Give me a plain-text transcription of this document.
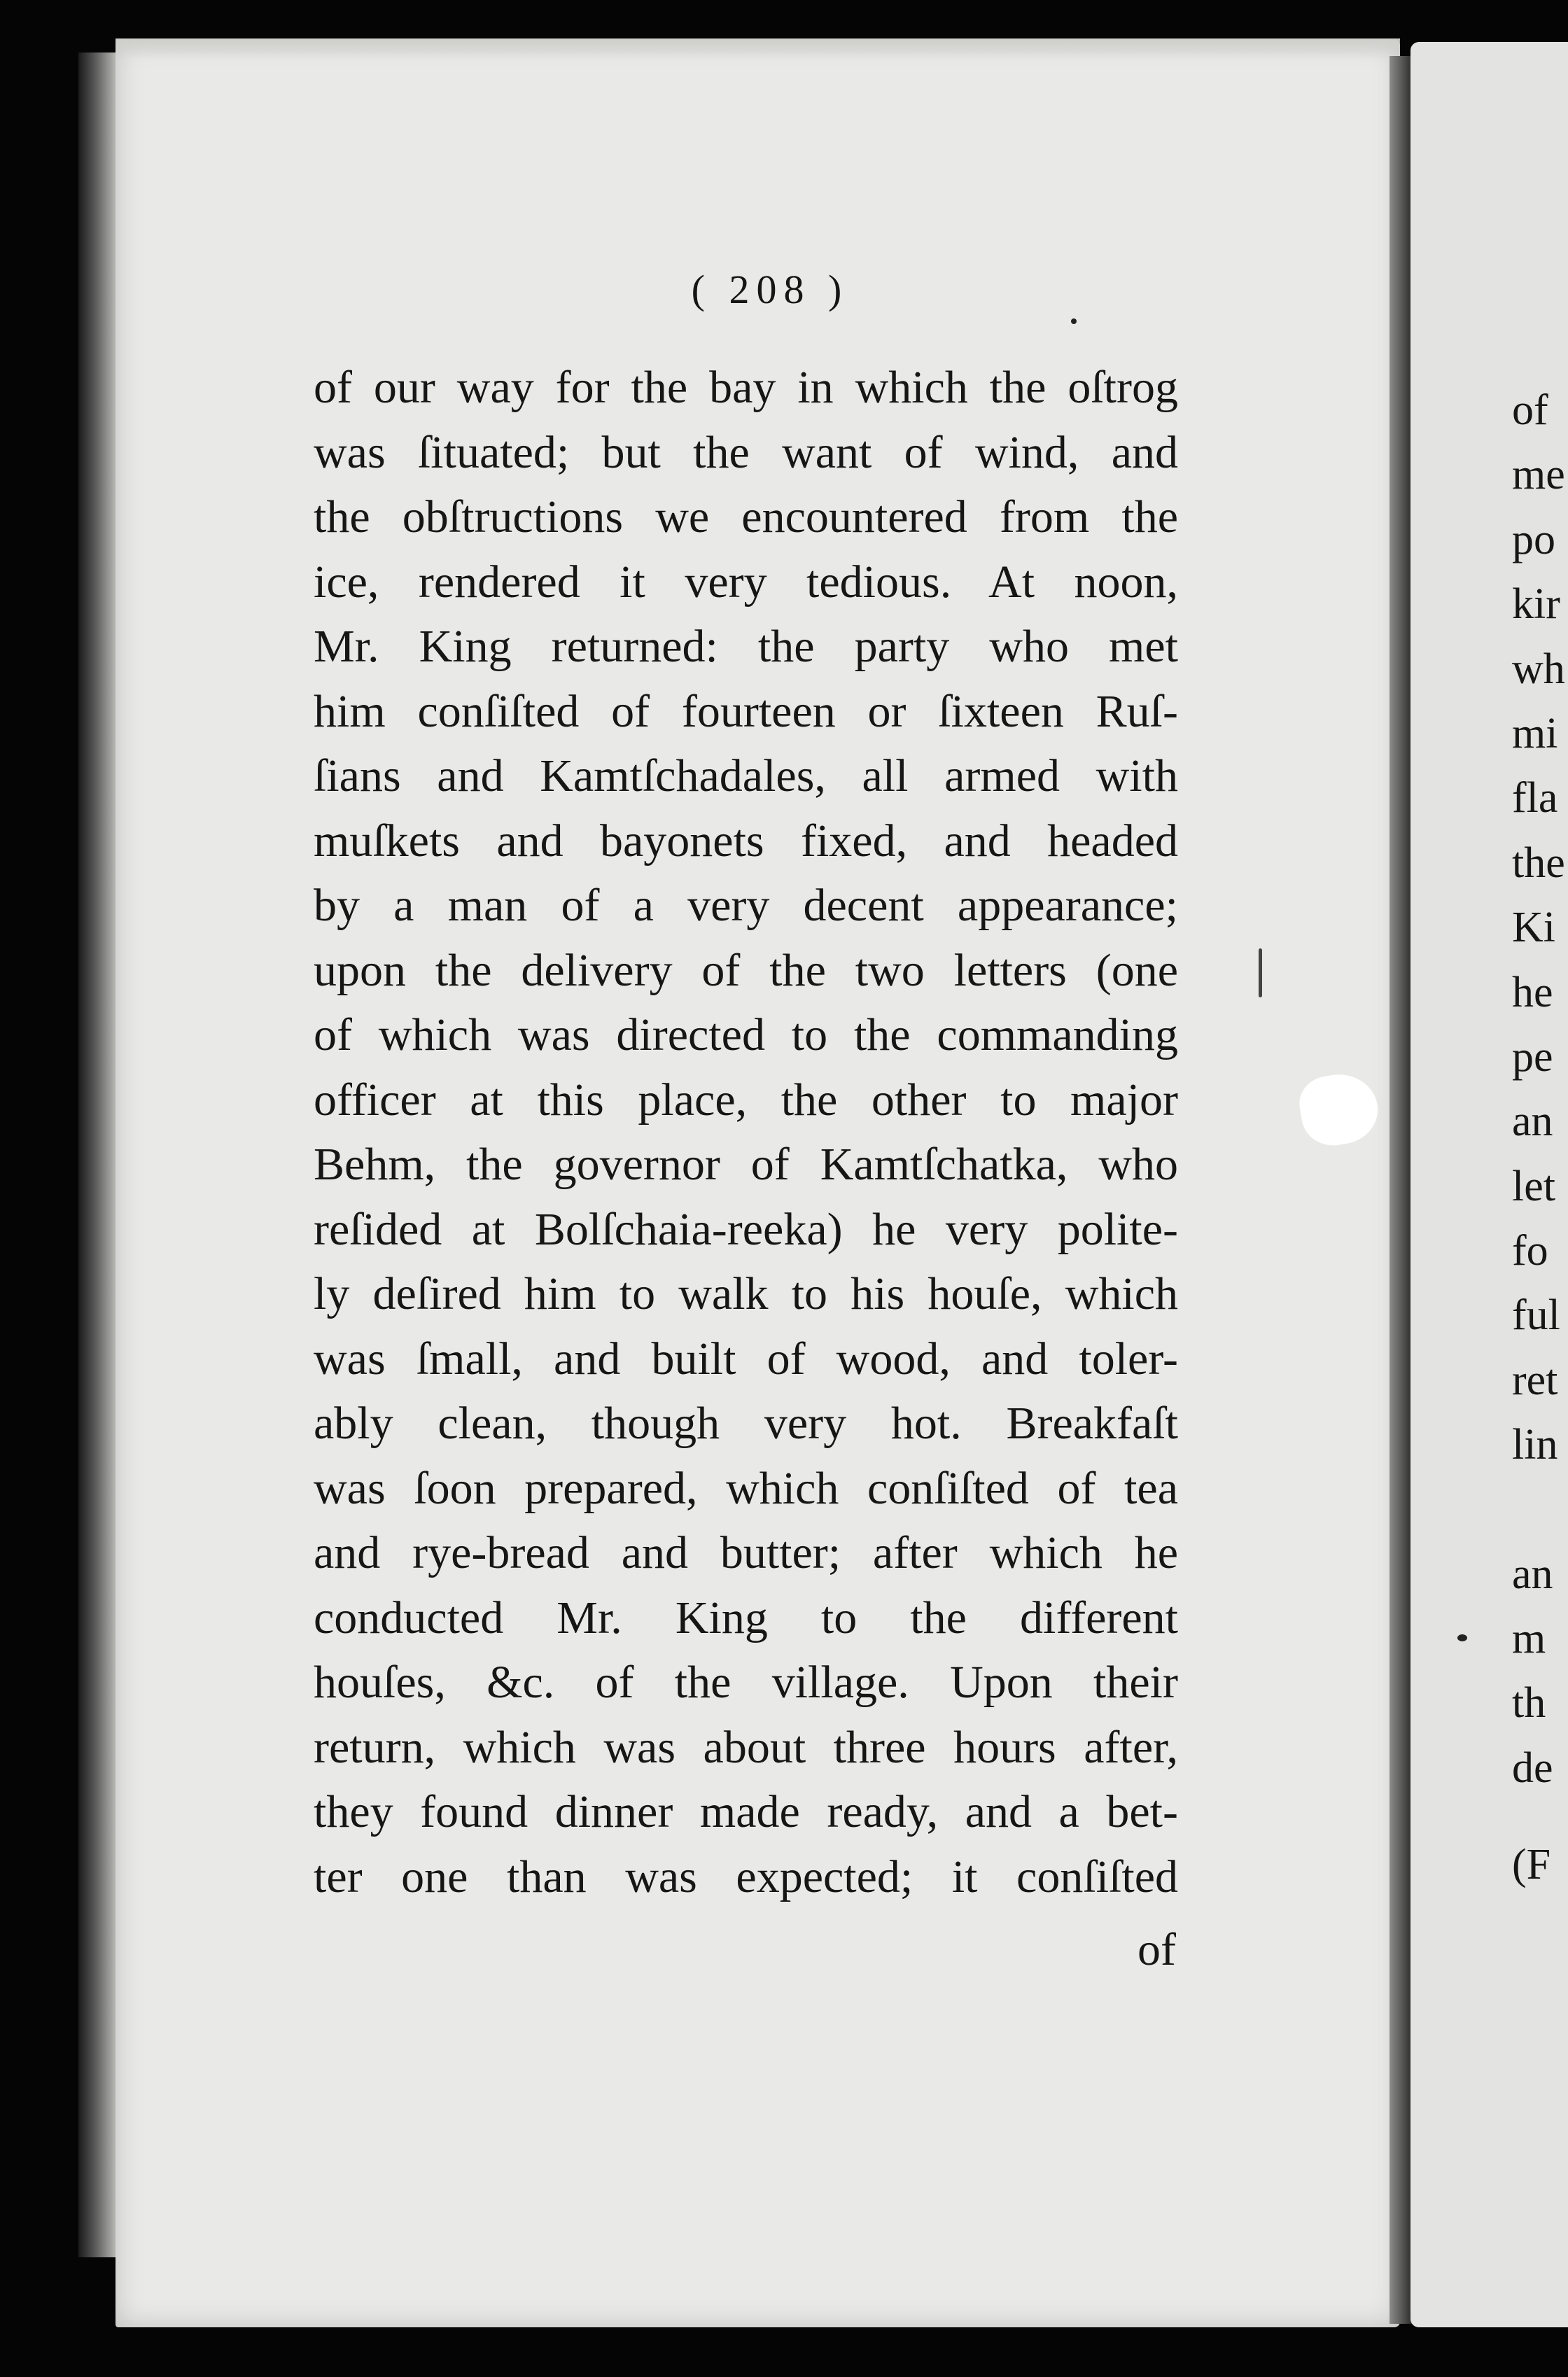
( 208 )
of our way for the bay in which the oſtrog
was ſituated; but the want of wind, and
the obſtructions we encountered from the
ice, rendered it very tedious. At noon,
Mr. King returned: the party who met
him conſiſted of fourteen or ſixteen Ruſ-
ſians and Kamtſchadales, all armed with
muſkets and bayonets fixed, and headed
by a man of a very decent appearance;
upon the delivery of the two letters (one
of which was directed to the commanding
officer at this place, the other to major
Behm, the governor of Kamtſchatka, who
reſided at Bolſchaia-reeka) he very polite-
ly deſired him to walk to his houſe, which
was ſmall, and built of wood, and toler-
ably clean, though very hot. Breakfaſt
was ſoon prepared, which conſiſted of tea
and rye-bread and butter; after which he
conducted Mr. King to the different
houſes, &c. of the village. Upon their
return, which was about three hours after,
they found dinner made ready, and a bet-
ter one than was expected; it conſiſted
of
of
me
po
kir
wh
mi
fla
the
Ki
he
pe
an
let
fo
ful
ret
lin
an
m
th
de
(F
